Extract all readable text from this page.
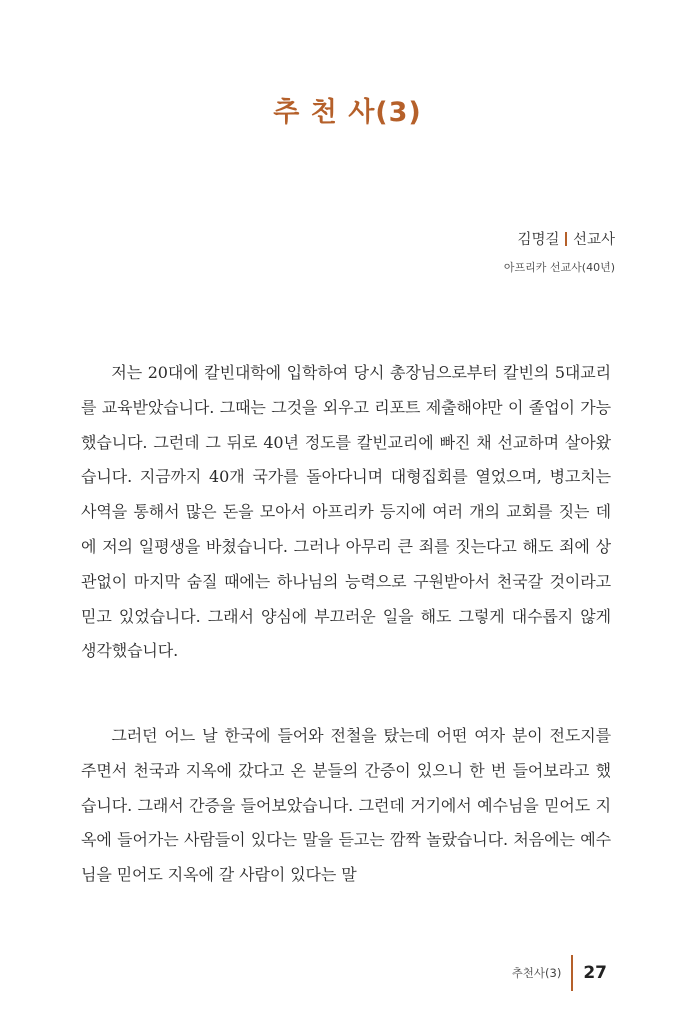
추 천 사(3)
김명길 선교사
아프리카 선교사(40년)

저는 20대에 칼빈대학에 입학하여 당시 총장님으로부터 칼빈의 5대교리를 교육받았습니다. 그때는 그것을 외우고 리포트 제출해야만 이 졸업이 가능했습니다. 그런데 그 뒤로 40년 정도를 칼빈교리에 빠진 채 선교하며 살아왔습니다. 지금까지 40개 국가를 돌아다니며 대형집회를 열었으며, 병고치는 사역을 통해서 많은 돈을 모아서 아프리카 등지에 여러 개의 교회를 짓는 데에 저의 일평생을 바쳤습니다. 그러나 아무리 큰 죄를 짓는다고 해도 죄에 상관없이 마지막 숨질 때에는 하나님의 능력으로 구원받아서 천국갈 것이라고 믿고 있었습니다. 그래서 양심에 부끄러운 일을 해도 그렇게 대수롭지 않게 생각했습니다.

그러던 어느 날 한국에 들어와 전철을 탔는데 어떤 여자 분이 전도지를 주면서 천국과 지옥에 갔다고 온 분들의 간증이 있으니 한 번 들어보라고 했습니다. 그래서 간증을 들어보았습니다. 그런데 거기에서 예수님을 믿어도 지옥에 들어가는 사람들이 있다는 말을 듣고는 깜짝 놀랐습니다. 처음에는 예수님을 믿어도 지옥에 갈 사람이 있다는 말

추천사(3) 27
